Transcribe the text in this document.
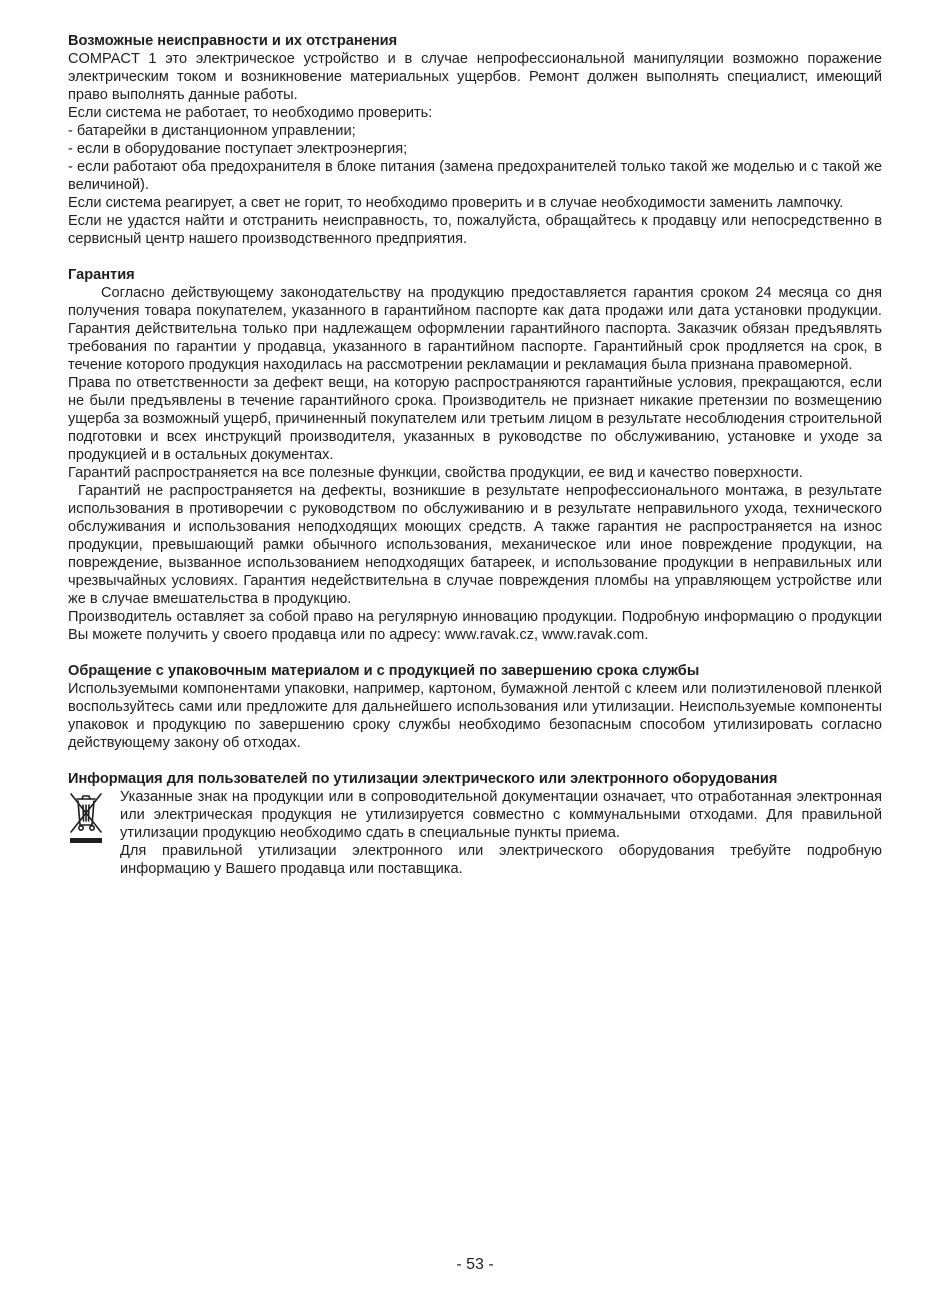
Возможные неисправности и их отстранения

COMPACT 1 это электрическое устройство и в случае непрофессиональной манипуляции возможно поражение электрическим током и возникновение материальных ущербов. Ремонт должен выполнять специалист, имеющий право выполнять данные работы.

Если система не работает, то необходимо проверить:

- батарейки в дистанционном управлении;

- если в оборудование поступает электроэнергия;

- если работают оба предохранителя в блоке питания (замена предохранителей только такой же моделью и с такой же величиной).

Если система реагирует, а свет не горит, то необходимо проверить и в случае необходимости заменить лампочку.

Если не удастся найти и отстранить неисправность, то, пожалуйста, обращайтесь к продавцу или непосредственно в сервисный центр нашего производственного предприятия.

Гарантия

Согласно действующему законодательству на продукцию предоставляется гарантия сроком 24 месяца со дня получения товара покупателем, указанного в гарантийном паспорте как дата продажи или дата установки продукции. Гарантия действительна только при надлежащем оформлении гарантийного паспорта. Заказчик обязан предъявлять требования по гарантии у продавца, указанного в гарантийном паспорте. Гарантийный срок продляется на срок, в течение которого продукция находилась на рассмотрении рекламации и рекламация была признана правомерной.

Права по ответственности за дефект вещи, на которую распространяются гарантийные условия, прекращаются, если не были предъявлены в течение гарантийного срока. Производитель не признает никакие претензии по возмещению ущерба за возможный ущерб, причиненный покупателем или третьим лицом в результате несоблюдения строительной подготовки и всех инструкций производителя, указанных в руководстве по обслуживанию, установке и уходе за продукцией и в остальных документах.

Гарантий распространяется на все полезные функции, свойства продукции, ее вид и качество поверхности.

Гарантий не распространяется на дефекты, возникшие в результате непрофессионального монтажа, в результате использования в противоречии с руководством по обслуживанию и в результате неправильного ухода, технического обслуживания и использования неподходящих моющих средств. А также гарантия не распространяется на износ продукции, превышающий рамки обычного использования, механическое или иное повреждение продукции, на повреждение, вызванное использованием неподходящих батареек, и использование продукции в неправильных или чрезвычайных условиях. Гарантия недействительна в случае повреждения пломбы на управляющем устройстве или же в случае вмешательства в продукцию.

Производитель оставляет за собой право на регулярную инновацию продукции. Подробную информацию о продукции Вы можете получить у своего продавца или по адресу: www.ravak.cz, www.ravak.com.

Обращение с упаковочным материалом и с продукцией по завершению срока службы

Используемыми компонентами упаковки, например, картоном, бумажной лентой с клеем или полиэтиленовой пленкой воспользуйтесь сами или предложите для дальнейшего использования или утилизации. Неиспользуемые компоненты упаковок и продукцию по завершению сроку службы необходимо безопасным способом утилизировать согласно действующему закону об отходах.

Информация для пользователей по утилизации электрического или электронного оборудования

Указанные знак на продукции или в сопроводительной документации означает, что отработанная электронная или электрическая продукция не утилизируется совместно с коммунальными отходами. Для правильной утилизации продукцию необходимо сдать в специальные пункты приема.

Для правильной утилизации электронного или электрического оборудования требуйте подробную информацию у Вашего продавца или поставщика.

- 53 -
